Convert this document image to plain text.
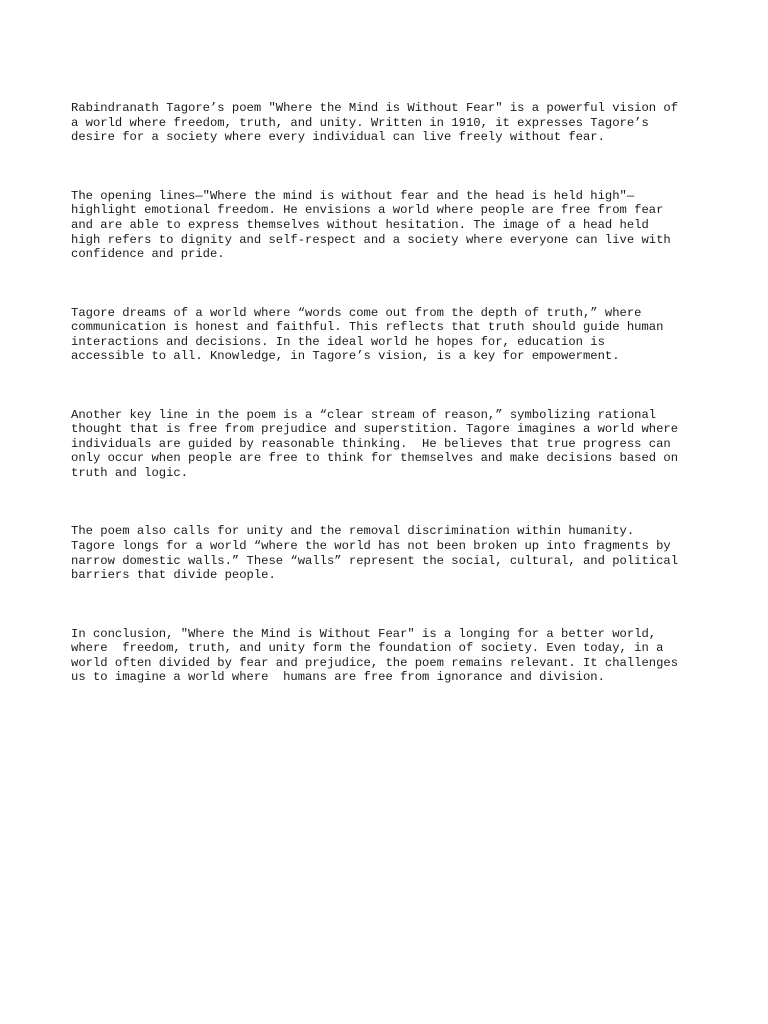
Rabindranath Tagore’s poem "Where the Mind is Without Fear" is a powerful vision of
a world where freedom, truth, and unity. Written in 1910, it expresses Tagore’s
desire for a society where every individual can live freely without fear.

The opening lines—"Where the mind is without fear and the head is held high"—
highlight emotional freedom. He envisions a world where people are free from fear
and are able to express themselves without hesitation. The image of a head held
high refers to dignity and self-respect and a society where everyone can live with
confidence and pride.

Tagore dreams of a world where “words come out from the depth of truth,” where
communication is honest and faithful. This reflects that truth should guide human
interactions and decisions. In the ideal world he hopes for, education is
accessible to all. Knowledge, in Tagore’s vision, is a key for empowerment.

Another key line in the poem is a “clear stream of reason,” symbolizing rational
thought that is free from prejudice and superstition. Tagore imagines a world where
individuals are guided by reasonable thinking.  He believes that true progress can
only occur when people are free to think for themselves and make decisions based on
truth and logic.

The poem also calls for unity and the removal discrimination within humanity.
Tagore longs for a world “where the world has not been broken up into fragments by
narrow domestic walls.” These “walls” represent the social, cultural, and political
barriers that divide people.

In conclusion, "Where the Mind is Without Fear" is a longing for a better world,
where  freedom, truth, and unity form the foundation of society. Even today, in a
world often divided by fear and prejudice, the poem remains relevant. It challenges
us to imagine a world where  humans are free from ignorance and division.
